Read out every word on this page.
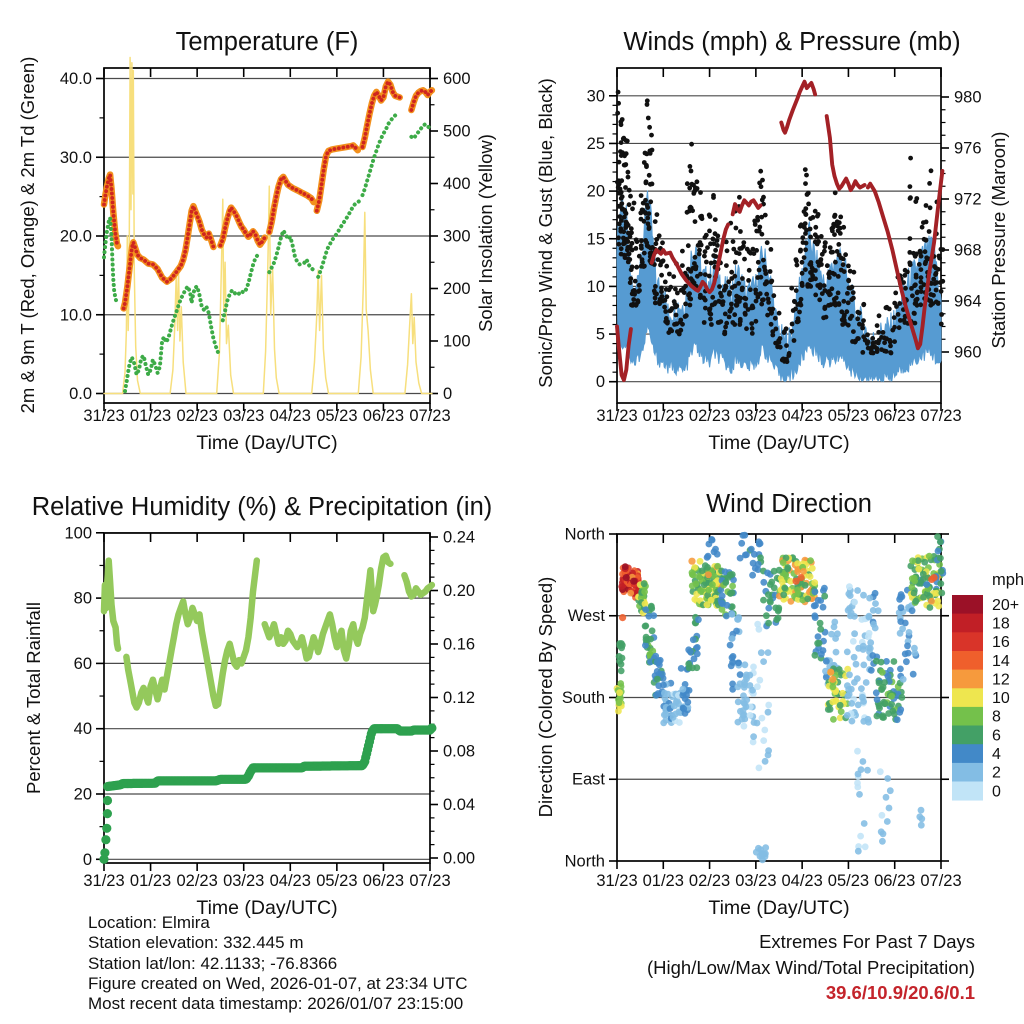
31/23 01/23 02/23 03/23 04/23 05/23 06/23 07/23
Time (Day/UTC)
0.0
10.0
20.0
30.0
40.0
0
100
200
300
400
500
600
Temperature (F)
2m & 9m T (Red, Orange) & 2m Td (Green)	Solar Insolation (Yellow)
31/23 01/23 02/23 03/23 04/23 05/23 06/23 07/23
Time (Day/UTC)
0
5
10
15
20
25
30
960
964
968
972
976
980
Winds (mph) & Pressure (mb)
Sonic/Prop Wind & Gust (Blue, Black)	Station Pressure (Maroon)
31/23 01/23 02/23 03/23 04/23 05/23 06/23 07/23
Time (Day/UTC)
0
20
40
60
80
100
0.00
0.04
0.08
0.12
0.16
0.20
0.24
Relative Humidity (%) & Precipitation (in)
Percent & Total Rainfall
31/23 01/23 02/23 03/23 04/23 05/23 06/23 07/23
Time (Day/UTC)
North
West
South
East
North
Wind Direction
Direction (Colored By Speed)	mph
20+
18
16
14
12
10
8
6
4
2
0
Location: Elmira
Station elevation: 332.445 m
Station lat/lon: 42.1133; -76.8366
Figure created on Wed, 2026-01-07, at 23:34 UTC
Most recent data timestamp: 2026/01/07 23:15:00
Extremes For Past 7 Days
(High/Low/Max Wind/Total Precipitation)
39.6/10.9/20.6/0.1
